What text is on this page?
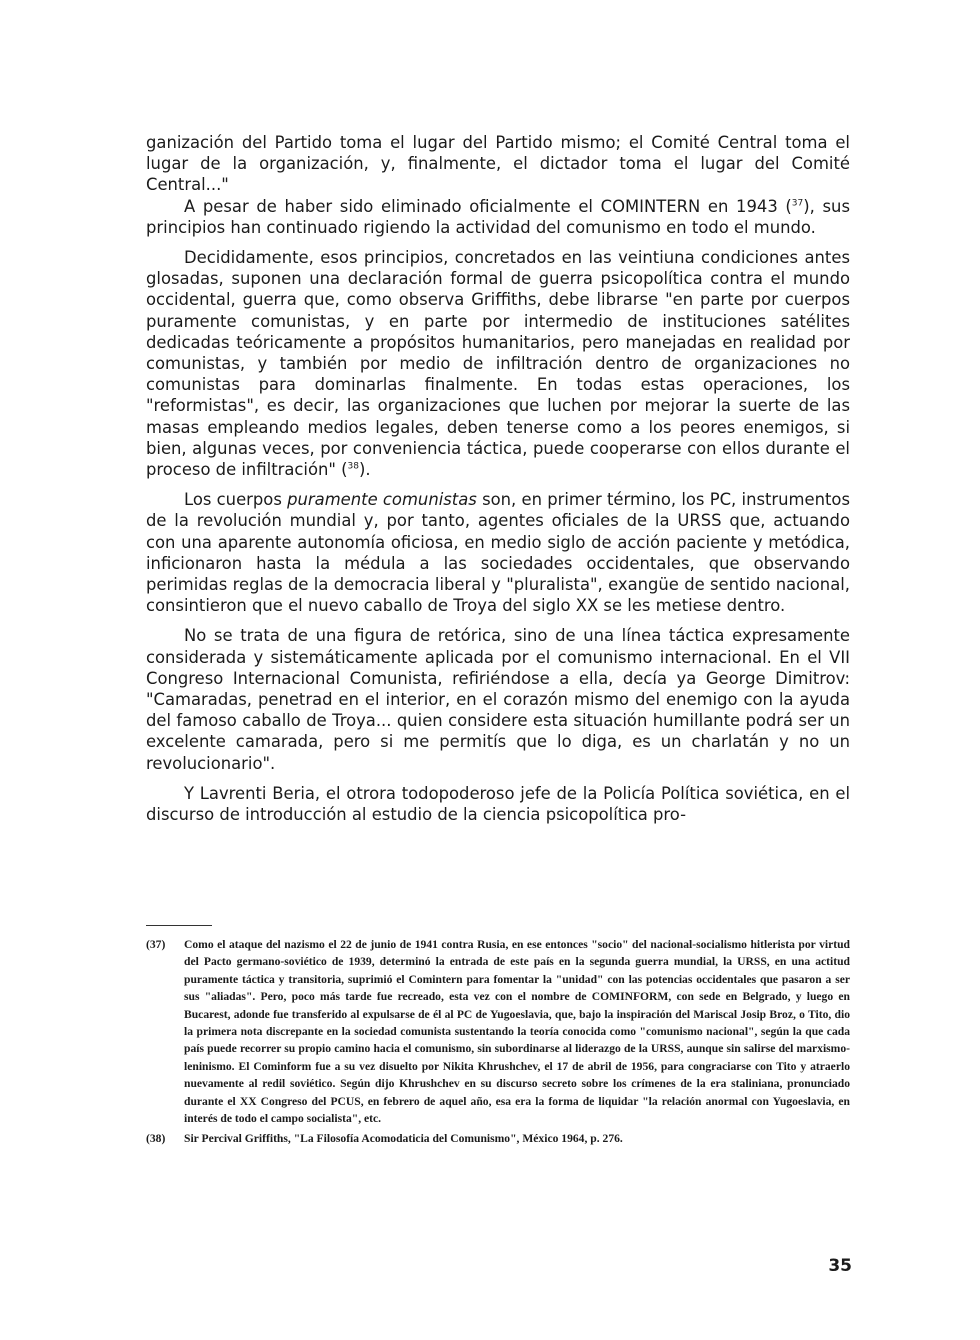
ganización del Partido toma el lugar del Partido mismo; el Comité Central toma el lugar de la organización, y, finalmente, el dictador toma el lugar del Comité Central..."

A pesar de haber sido eliminado oficialmente el COMINTERN en 1943 ($^{37}$), sus principios han continuado rigiendo la actividad del comunismo en todo el mundo.

Decididamente, esos principios, concretados en las veintiuna condiciones antes glosadas, suponen una declaración formal de guerra psicopolítica contra el mundo occidental, guerra que, como observa Griffiths, debe librarse "en parte por cuerpos puramente comunistas, y en parte por intermedio de instituciones satélites dedicadas teóricamente a propósitos humanitarios, pero manejadas en realidad por comunistas, y también por medio de infiltración dentro de organizaciones no comunistas para dominarlas finalmente. En todas estas operaciones, los "reformistas", es decir, las organizaciones que luchen por mejorar la suerte de las masas empleando medios legales, deben tenerse como a los peores enemigos, si bien, algunas veces, por conveniencia táctica, puede cooperarse con ellos durante el proceso de infiltración" ($^{38}$).

Los cuerpos puramente comunistas son, en primer término, los PC, instrumentos de la revolución mundial y, por tanto, agentes oficiales de la URSS que, actuando con una aparente autonomía oficiosa, en medio siglo de acción paciente y metódica, inficionaron hasta la médula a las sociedades occidentales, que observando perimidas reglas de la democracia liberal y "pluralista", exangüe de sentido nacional, consintieron que el nuevo caballo de Troya del siglo XX se les metiese dentro.

No se trata de una figura de retórica, sino de una línea táctica expresamente considerada y sistemáticamente aplicada por el comunismo internacional. En el VII Congreso Internacional Comunista, refiriéndose a ella, decía ya George Dimitrov: "Camaradas, penetrad en el interior, en el corazón mismo del enemigo con la ayuda del famoso caballo de Troya... quien considere esta situación humillante podrá ser un excelente camarada, pero si me permitís que lo diga, es un charlatán y no un revolucionario".

Y Lavrenti Beria, el otrora todopoderoso jefe de la Policía Política soviética, en el discurso de introducción al estudio de la ciencia psicopolítica pro-

(37)	Como el ataque del nazismo el 22 de junio de 1941 contra Rusia, en ese entonces "socio" del nacional-socialismo hitlerista por virtud del Pacto germano-soviético de 1939, determinó la entrada de este país en la segunda guerra mundial, la URSS, en una actitud puramente táctica y transitoria, suprimió el Comintern para fomentar la "unidad" con las potencias occidentales que pasaron a ser sus "aliadas". Pero, poco más tarde fue recreado, esta vez con el nombre de COMINFORM, con sede en Belgrado, y luego en Bucarest, adonde fue transferido al expulsarse de él al PC de Yugoeslavia, que, bajo la inspiración del Mariscal Josip Broz, o Tito, dio la primera nota discrepante en la sociedad comunista sustentando la teoría conocida como "comunismo nacional", según la que cada país puede recorrer su propio camino hacia el comunismo, sin subordinarse al liderazgo de la URSS, aunque sin salirse del marxismo-leninismo. El Cominform fue a su vez disuelto por Nikita Khrushchev, el 17 de abril de 1956, para congraciarse con Tito y atraerlo nuevamente al redil soviético. Según dijo Khrushchev en su discurso secreto sobre los crímenes de la era staliniana, pronunciado durante el XX Congreso del PCUS, en febrero de aquel año, esa era la forma de liquidar "la relación anormal con Yugoeslavia, en interés de todo el campo socialista", etc.
(38)	Sir Percival Griffiths, "La Filosofía Acomodaticia del Comunismo", México 1964, p. 276.
35
